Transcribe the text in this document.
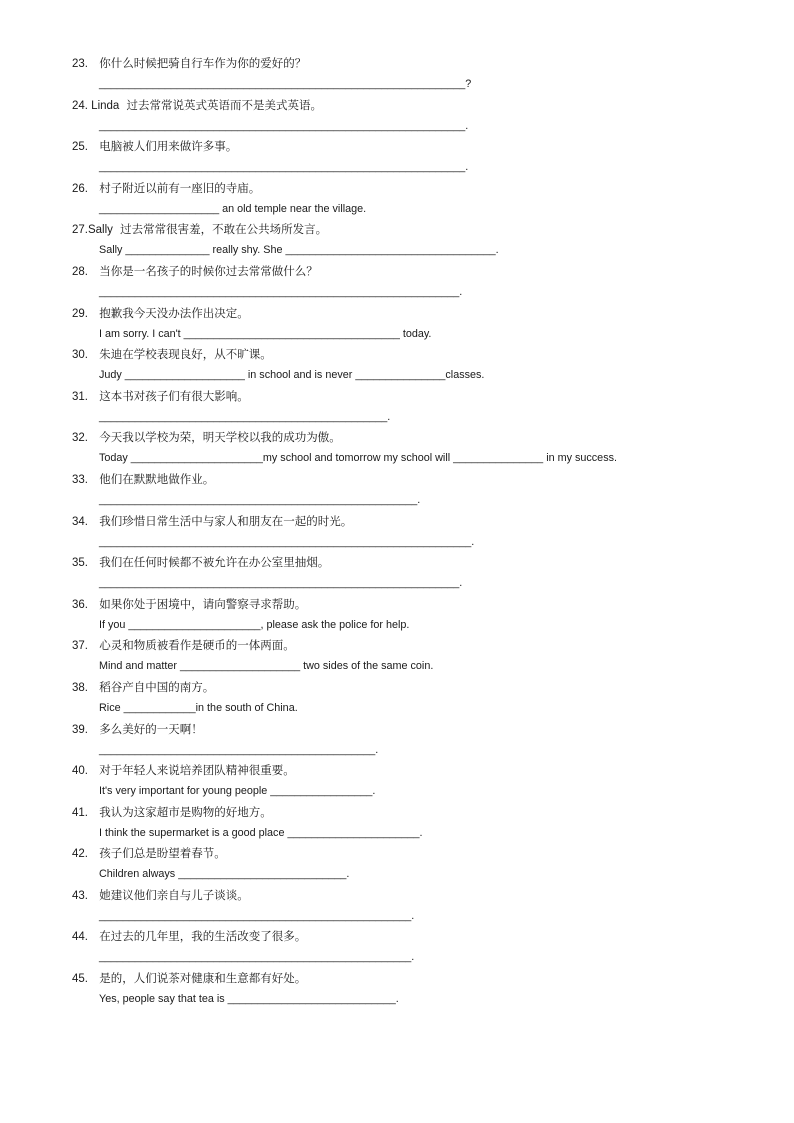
23. 你什么时候把骑自行车作为你的爱好的？
_____________________________________________________________?
24. Linda 过去常常说英式英语而不是美式英语。
_____________________________________________________________.
25. 电脑被人们用来做许多事。
_____________________________________________________________.
26. 村子附近以前有一座旧的寺庙。
____________________ an old temple near the village.
27.Sally 过去常常很害羞，不敢在公共场所发言。
Sally ______________ really shy. She ___________________________________.
28. 当你是一名孩子的时候你过去常常做什么？
____________________________________________________________.
29. 抱歉我今天没办法作出决定。
I am sorry. I can't ____________________________________ today.
30. 朱迪在学校表现良好，从不旷课。
Judy ____________________ in school and is never _______________classes.
31. 这本书对孩子们有很大影响。
________________________________________________.
32. 今天我以学校为荣，明天学校以我的成功为傲。
Today ______________________my school and tomorrow my school will _______________ in my success.
33. 他们在默默地做作业。
_____________________________________________________.
34. 我们珍惜日常生活中与家人和朋友在一起的时光。
______________________________________________________________.
35. 我们在任何时候都不被允许在办公室里抽烟。
____________________________________________________________.
36. 如果你处于困境中，请向警察寻求帮助。
If you ______________________, please ask the police for help.
37. 心灵和物质被看作是硬币的一体两面。
Mind and matter ____________________ two sides of the same coin.
38. 稻谷产自中国的南方。
Rice ____________in the south of China.
39. 多么美好的一天啊！
______________________________________________.
40. 对于年轻人来说培养团队精神很重要。
It's very important for young people _________________.
41. 我认为这家超市是购物的好地方。
I think the supermarket is a good place ______________________.
42. 孩子们总是盼望着春节。
Children always ____________________________.
43. 她建议他们亲自与儿子谈谈。
____________________________________________________.
44. 在过去的几年里，我的生活改变了很多。
____________________________________________________.
45. 是的，人们说茶对健康和生意都有好处。
Yes, people say that tea is ____________________________.
